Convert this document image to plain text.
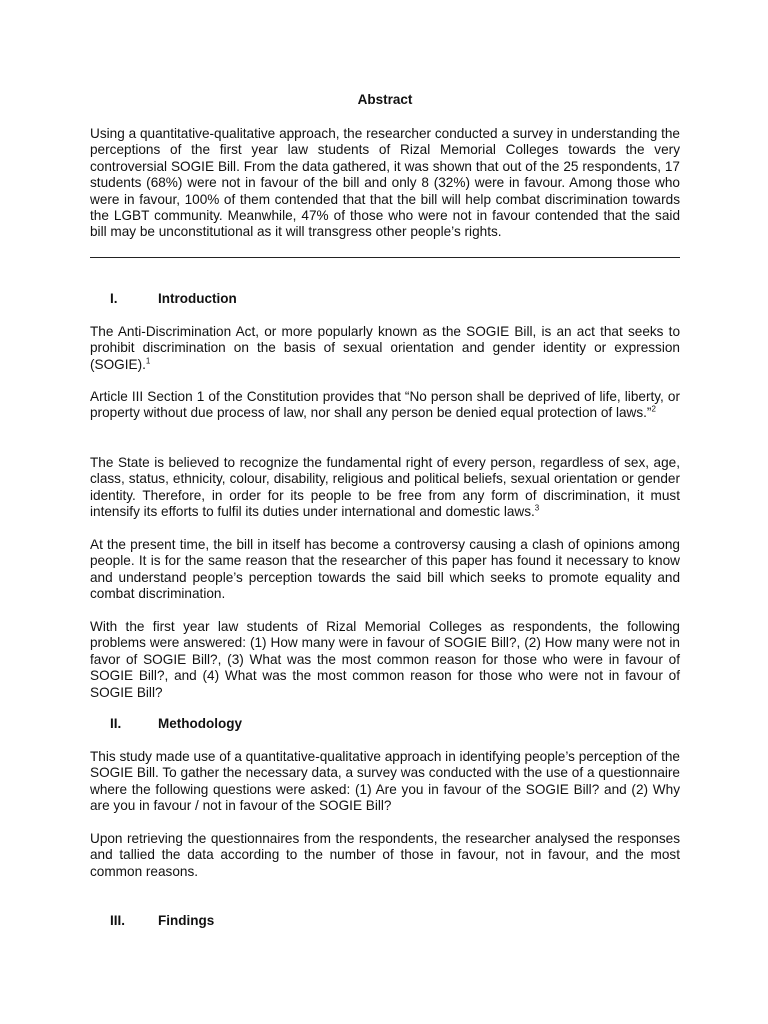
Abstract

Using a quantitative-qualitative approach, the researcher conducted a survey in understanding the perceptions of the first year law students of Rizal Memorial Colleges towards the very controversial SOGIE Bill. From the data gathered, it was shown that out of the 25 respondents, 17 students (68%) were not in favour of the bill and only 8 (32%) were in favour. Among those who were in favour, 100% of them contended that that the bill will help combat discrimination towards the LGBT community. Meanwhile, 47% of those who were not in favour contended that the said bill may be unconstitutional as it will transgress other people’s rights.

I.	Introduction

The Anti-Discrimination Act, or more popularly known as the SOGIE Bill, is an act that seeks to prohibit discrimination on the basis of sexual orientation and gender identity or expression (SOGIE).$^1$

Article III Section 1 of the Constitution provides that “No person shall be deprived of life, liberty, or property without due process of law, nor shall any person be denied equal protection of laws.”$^2$

The State is believed to recognize the fundamental right of every person, regardless of sex, age, class, status, ethnicity, colour, disability, religious and political beliefs, sexual orientation or gender identity. Therefore, in order for its people to be free from any form of discrimination, it must intensify its efforts to fulfil its duties under international and domestic laws.$^3$

At the present time, the bill in itself has become a controversy causing a clash of opinions among people. It is for the same reason that the researcher of this paper has found it necessary to know and understand people’s perception towards the said bill which seeks to promote equality and combat discrimination.

With the first year law students of Rizal Memorial Colleges as respondents, the following problems were answered: (1) How many were in favour of SOGIE Bill?, (2) How many were not in favor of SOGIE Bill?, (3) What was the most common reason for those who were in favour of SOGIE Bill?, and (4) What was the most common reason for those who were not in favour of SOGIE Bill?

II.	Methodology

This study made use of a quantitative-qualitative approach in identifying people’s perception of the SOGIE Bill. To gather the necessary data, a survey was conducted with the use of a questionnaire where the following questions were asked: (1) Are you in favour of the SOGIE Bill? and (2) Why are you in favour / not in favour of the SOGIE Bill?

Upon retrieving the questionnaires from the respondents, the researcher analysed the responses and tallied the data according to the number of those in favour, not in favour, and the most common reasons.

III. Findings
